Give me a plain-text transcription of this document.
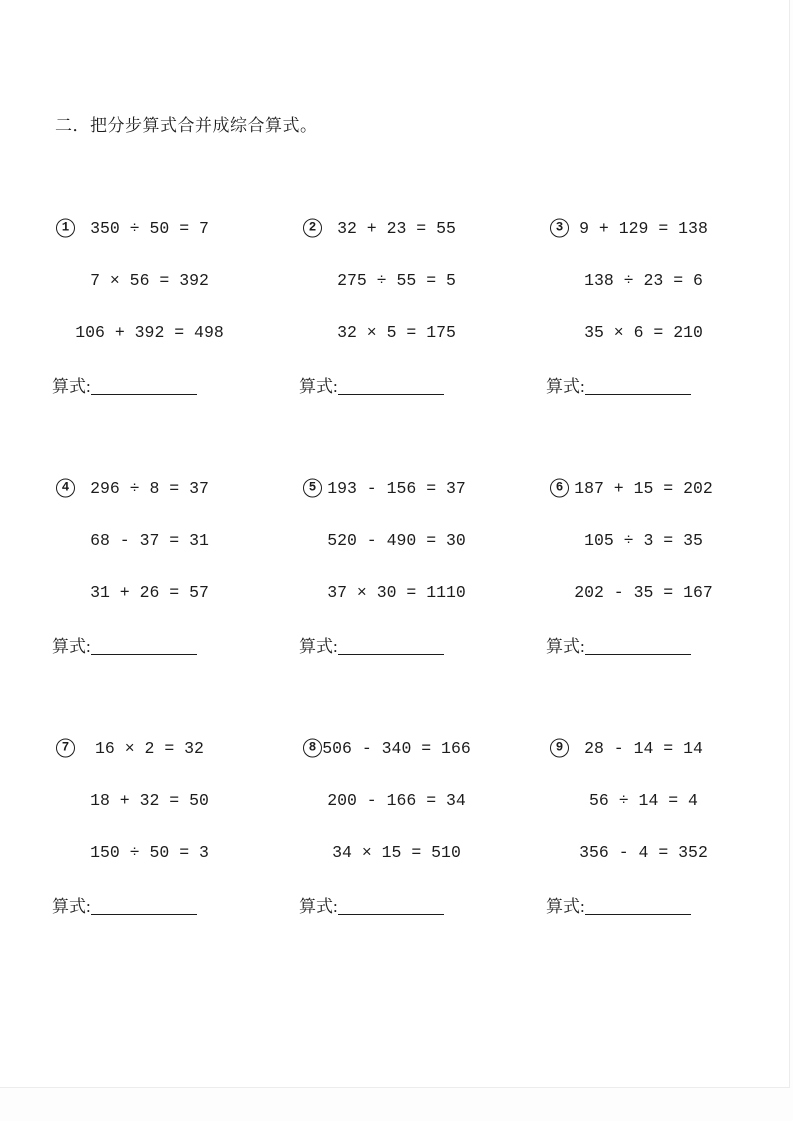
二．把分步算式合并成综合算式。
1	350 ÷ 50 = 7
7 × 56 = 392
106 + 392 = 498
算式:
2	32 + 23 = 55
275 ÷ 55 = 5
32 × 5 = 175
算式:
3 9 + 129 = 138
138 ÷ 23 = 6
35 × 6 = 210
算式:
4	296 ÷ 8 = 37
68 - 37 = 31
31 + 26 = 57
算式:
5 193 - 156 = 37
520 - 490 = 30
37 × 30 = 1110
算式:
6 187 + 15 = 202
105 ÷ 3 = 35
202 - 35 = 167
算式:
7	16 × 2 = 32
18 + 32 = 50
150 ÷ 50 = 3
算式:
8 506 - 340 = 166
200 - 166 = 34
34 × 15 = 510
算式:
9	28 - 14 = 14
56 ÷ 14 = 4
356 - 4 = 352
算式:
